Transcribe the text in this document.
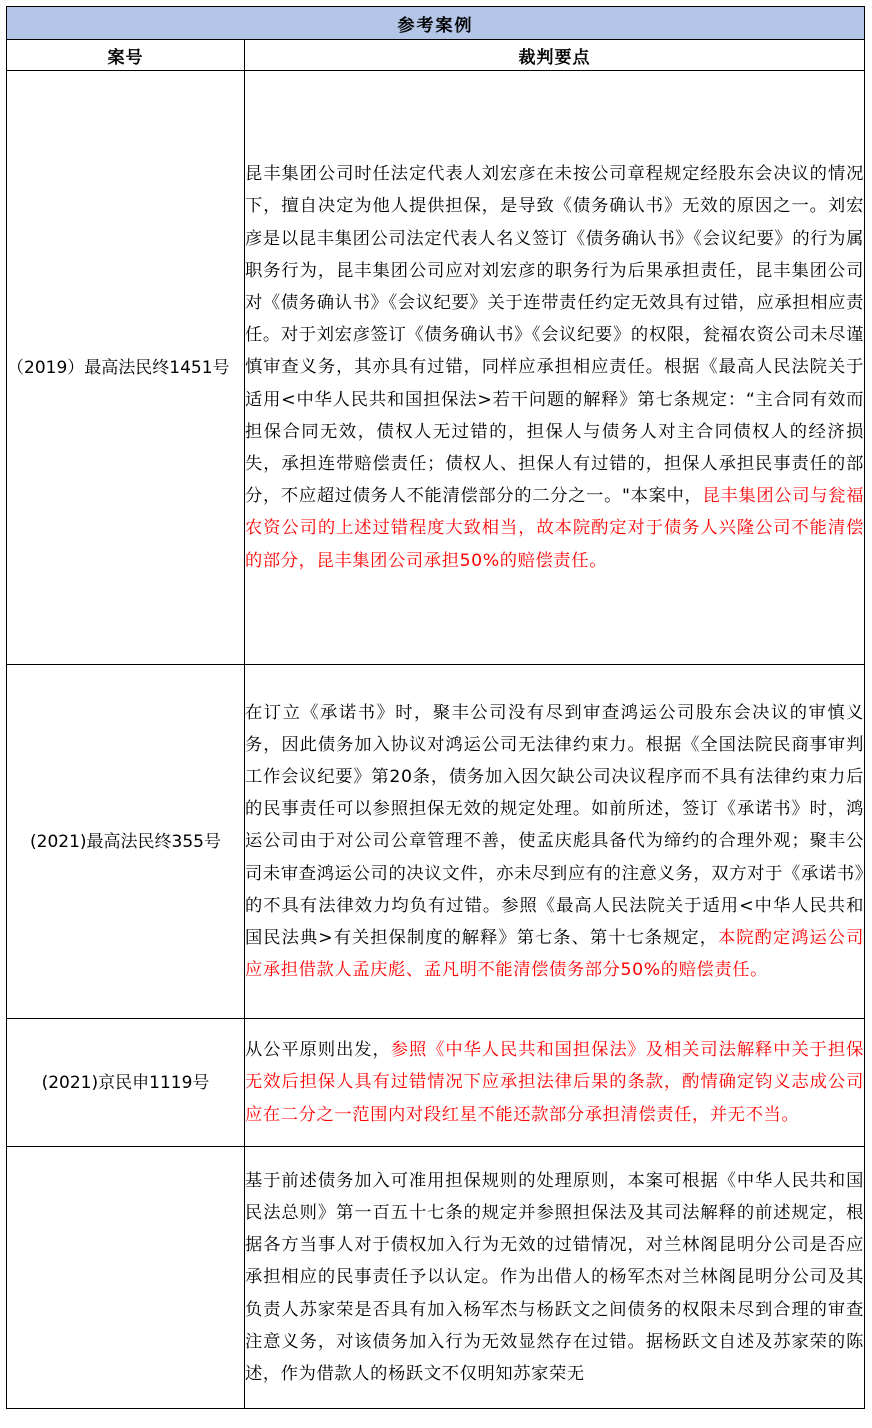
参考案例	
案号	裁判要点
（2019）最高法民终1451号	昆丰集团公司时任法定代表人刘宏彦在未按公司章程规定经股东会决议的情况下，擅自决定为他人提供担保，是导致《债务确认书》无效的原因之一。刘宏彦是以昆丰集团公司法定代表人名义签订《债务确认书》《会议纪要》的行为属职务行为，昆丰集团公司应对刘宏彦的职务行为后果承担责任，昆丰集团公司对《债务确认书》《会议纪要》关于连带责任约定无效具有过错，应承担相应责任。对于刘宏彦签订《债务确认书》《会议纪要》的权限，瓮福农资公司未尽谨慎审查义务，其亦具有过错，同样应承担相应责任。根据《最高人民法院关于适用<中华人民共和国担保法>若干问题的解释》第七条规定：“主合同有效而担保合同无效，债权人无过错的，担保人与债务人对主合同债权人的经济损失，承担连带赔偿责任；债权人、担保人有过错的，担保人承担民事责任的部分，不应超过债务人不能清偿部分的二分之一。"本案中，昆丰集团公司与瓮福农资公司的上述过错程度大致相当，故本院酌定对于债务人兴隆公司不能清偿的部分，昆丰集团公司承担50%的赔偿责任。
(2021)最高法民终355号	在订立《承诺书》时，聚丰公司没有尽到审查鸿运公司股东会决议的审慎义务，因此债务加入协议对鸿运公司无法律约束力。根据《全国法院民商事审判工作会议纪要》第20条，债务加入因欠缺公司决议程序而不具有法律约束力后的民事责任可以参照担保无效的规定处理。如前所述，签订《承诺书》时，鸿运公司由于对公司公章管理不善，使孟庆彪具备代为缔约的合理外观；聚丰公司未审查鸿运公司的决议文件，亦未尽到应有的注意义务，双方对于《承诺书》的不具有法律效力均负有过错。参照《最高人民法院关于适用<中华人民共和国民法典>有关担保制度的解释》第七条、第十七条规定，本院酌定鸿运公司应承担借款人孟庆彪、孟凡明不能清偿债务部分50%的赔偿责任。
(2021)京民申1119号	从公平原则出发，参照《中华人民共和国担保法》及相关司法解释中关于担保无效后担保人具有过错情况下应承担法律后果的条款，酌情确定钧义志成公司应在二分之一范围内对段红星不能还款部分承担清偿责任，并无不当。
	基于前述债务加入可准用担保规则的处理原则，本案可根据《中华人民共和国民法总则》第一百五十七条的规定并参照担保法及其司法解释的前述规定，根据各方当事人对于债权加入行为无效的过错情况，对兰林阁昆明分公司是否应承担相应的民事责任予以认定。作为出借人的杨军杰对兰林阁昆明分公司及其负责人苏家荣是否具有加入杨军杰与杨跃文之间债务的权限未尽到合理的审查注意义务，对该债务加入行为无效显然存在过错。据杨跃文自述及苏家荣的陈述，作为借款人的杨跃文不仅明知苏家荣无
